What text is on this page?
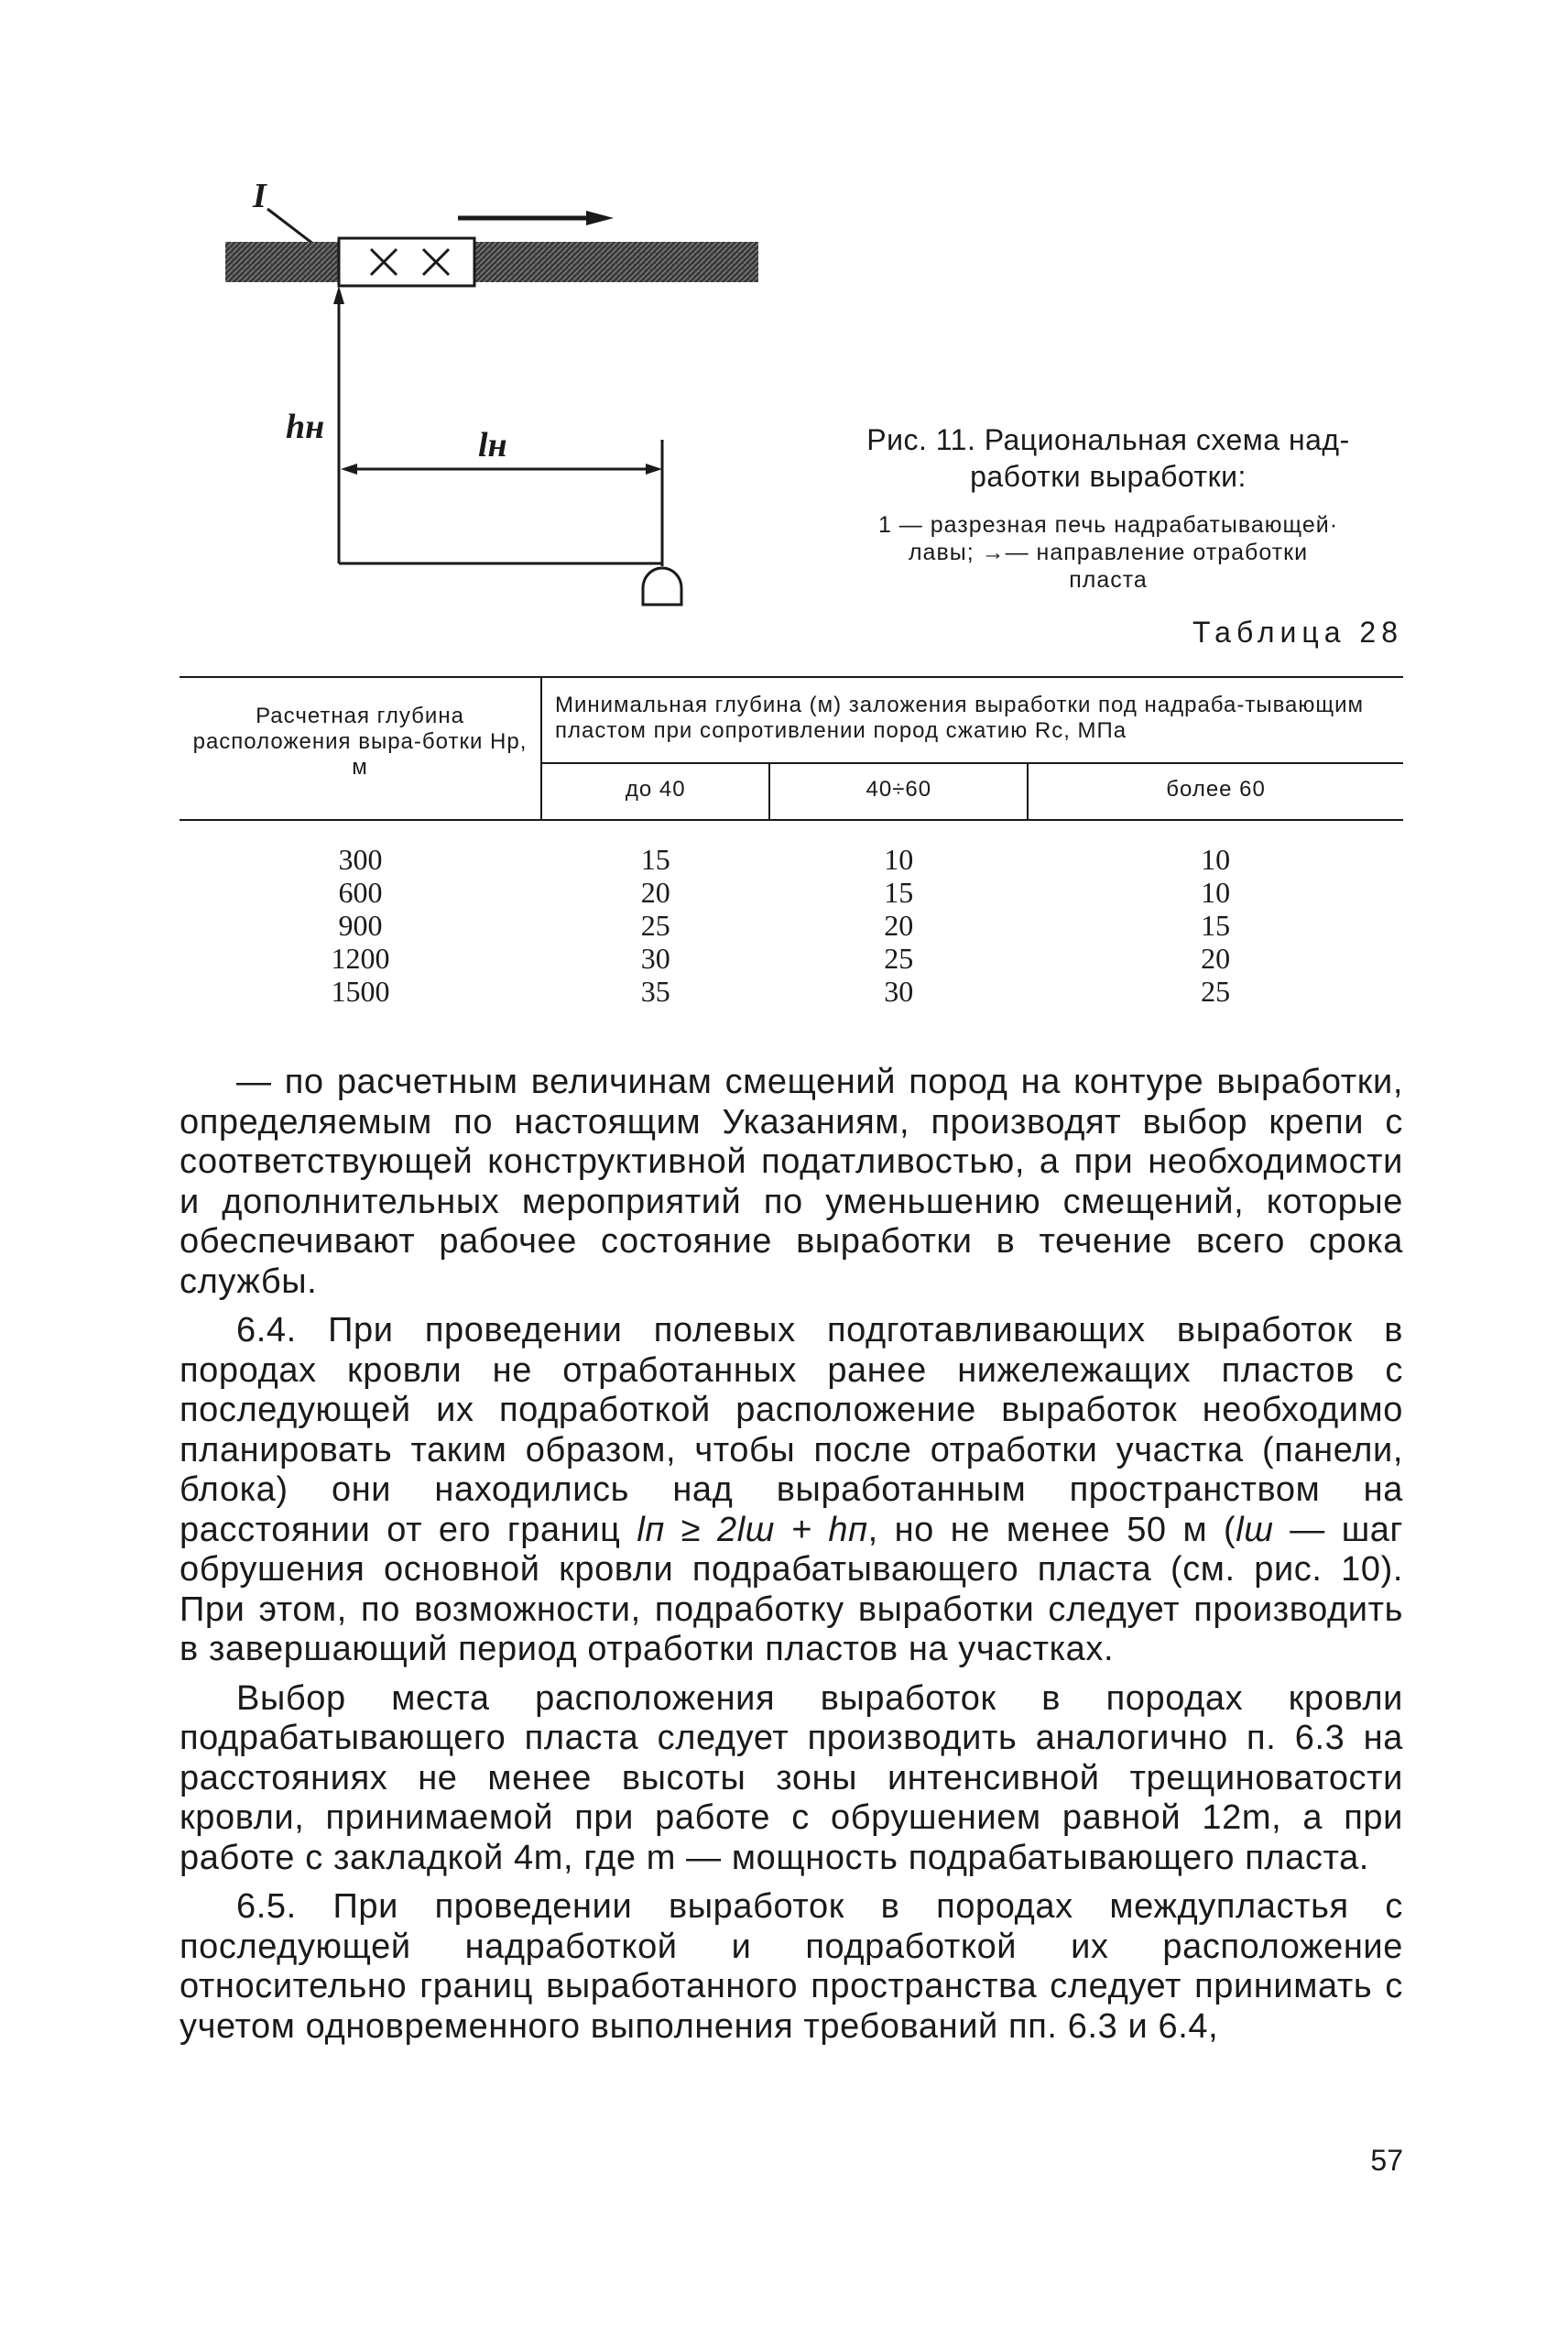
I
hн	lн	Рис. 11. Рациональная схема над-
работки выработки:
1 — разрезная печь надрабатывающей·
лавы; →— направление отработки
пласта
Таблица 28
Расчетная глубина расположения выра-ботки Hр, м	Минимальная глубина (м) заложения выработки под надраба-тывающим пластом при сопротивлении пород сжатию Rс, МПа		
	до 40	40÷60	более 60
300	15	10	10
600	20	15	10
900	25	20	15
1200	30	25	20
1500	35	30	25

— по расчетным величинам смещений пород на контуре выработки, определяемым по настоящим Указаниям, производят выбор крепи с соответствующей конструктивной податливостью, а при необходимости и дополнительных мероприятий по уменьшению смещений, которые обеспечивают рабочее состояние выработки в течение всего срока службы.

6.4. При проведении полевых подготавливающих выработок в породах кровли не отработанных ранее нижележащих пластов с последующей их подработкой расположение выработок необходимо планировать таким образом, чтобы после отработки участка (панели, блока) они находились над выработанным пространством на расстоянии от его границ lп ≥ 2lш + hп, но не менее 50 м (lш — шаг обрушения основной кровли подрабатывающего пласта (см. рис. 10). При этом, по возможности, подработку выработки следует производить в завершающий период отработки пластов на участках.

Выбор места расположения выработок в породах кровли подрабатывающего пласта следует производить аналогично п. 6.3 на расстояниях не менее высоты зоны интенсивной трещиноватости кровли, принимаемой при работе с обрушением равной 12m, а при работе с закладкой 4m, где m — мощность подрабатывающего пласта.

6.5. При проведении выработок в породах междупластья с последующей надработкой и подработкой их расположение относительно границ выработанного пространства следует принимать с учетом одновременного выполнения требований пп. 6.3 и 6.4,

57
